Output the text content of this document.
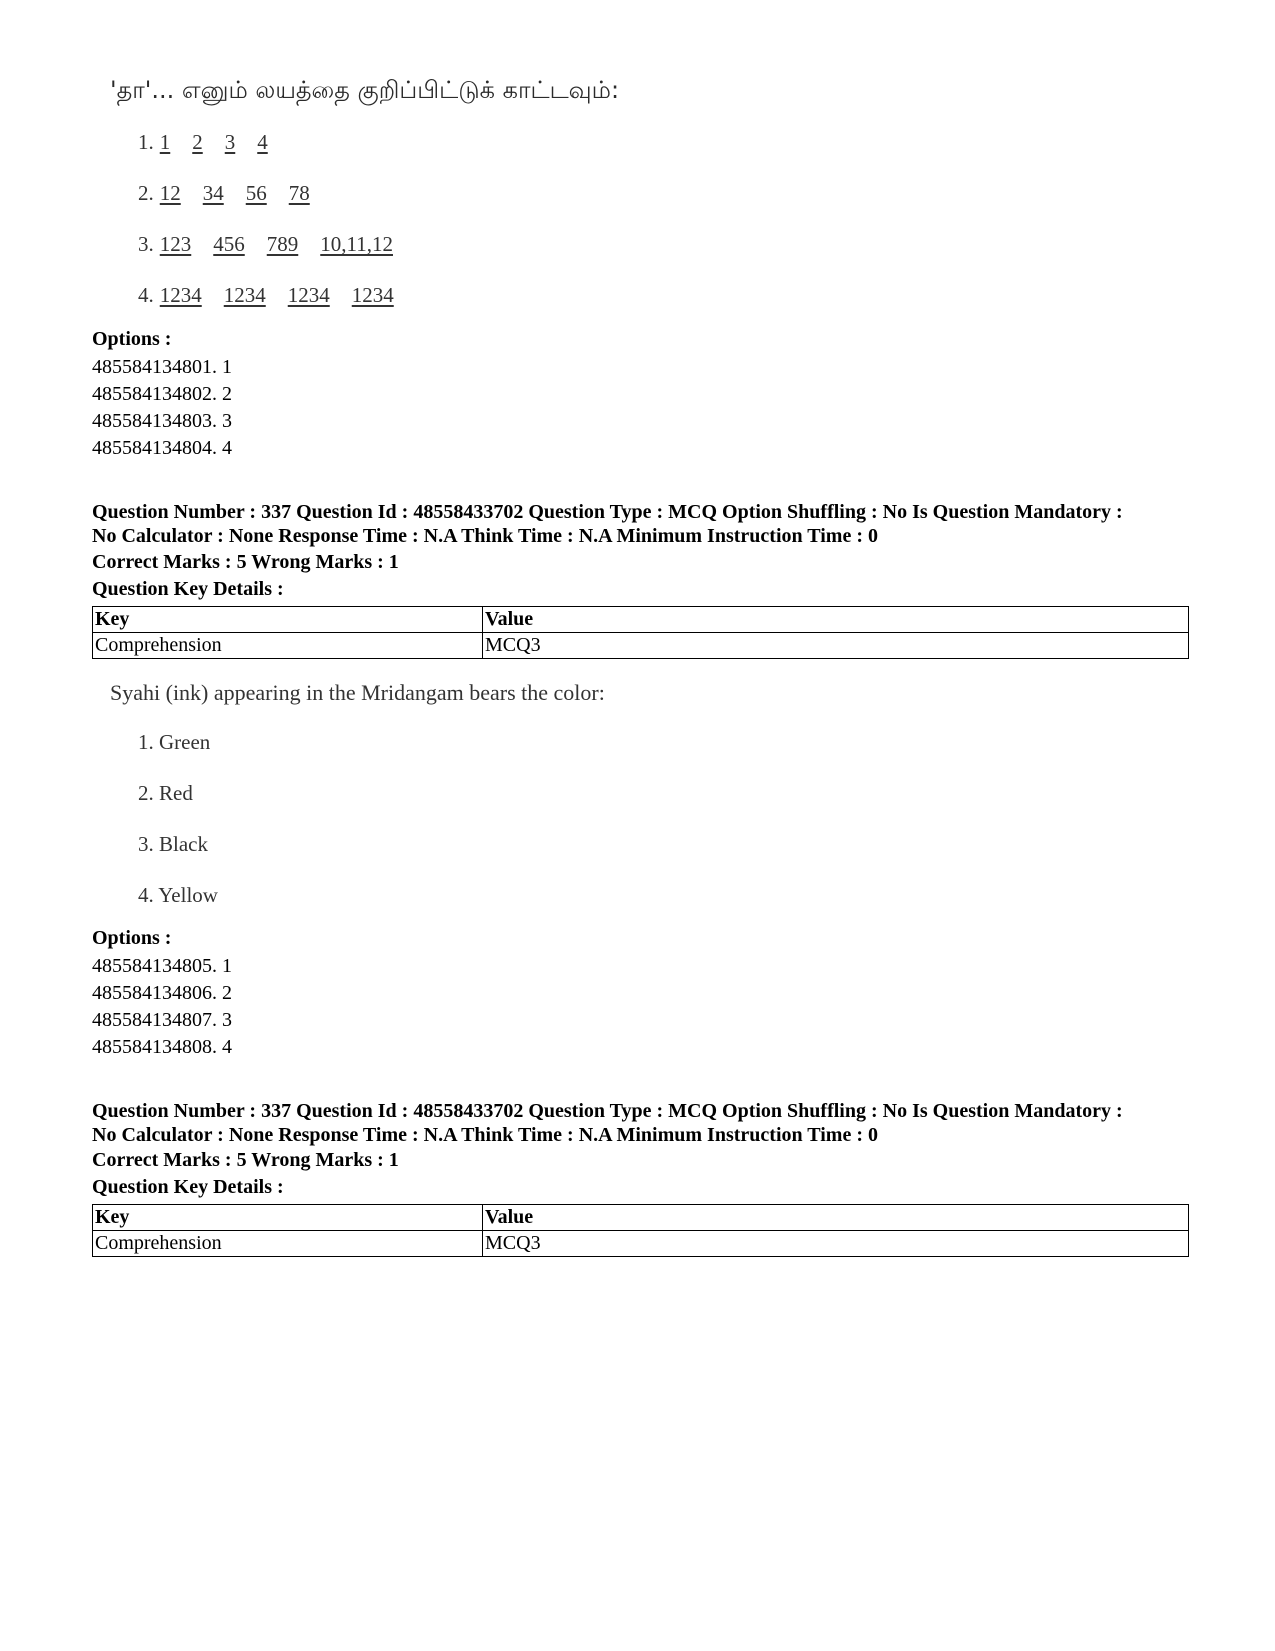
'தா'... எனும் லயத்தை குறிப்பிட்டுக் காட்டவும்:
1. 1 2 3 4
2. 12 34 56 78
3. 123 456 789 10,11,12
4. 1234 1234 1234 1234
Options :
485584134801. 1
485584134802. 2
485584134803. 3
485584134804. 4
Question Number : 337 Question Id : 48558433702 Question Type : MCQ Option Shuffling : No Is Question Mandatory :
No Calculator : None Response Time : N.A Think Time : N.A Minimum Instruction Time : 0
Correct Marks : 5 Wrong Marks : 1
Question Key Details :
Key	Value
Comprehension	MCQ3
Syahi (ink) appearing in the Mridangam bears the color:
1. Green
2. Red
3. Black
4. Yellow
Options :
485584134805. 1
485584134806. 2
485584134807. 3
485584134808. 4
Question Number : 337 Question Id : 48558433702 Question Type : MCQ Option Shuffling : No Is Question Mandatory :
No Calculator : None Response Time : N.A Think Time : N.A Minimum Instruction Time : 0
Correct Marks : 5 Wrong Marks : 1
Question Key Details :
Key	Value
Comprehension	MCQ3
